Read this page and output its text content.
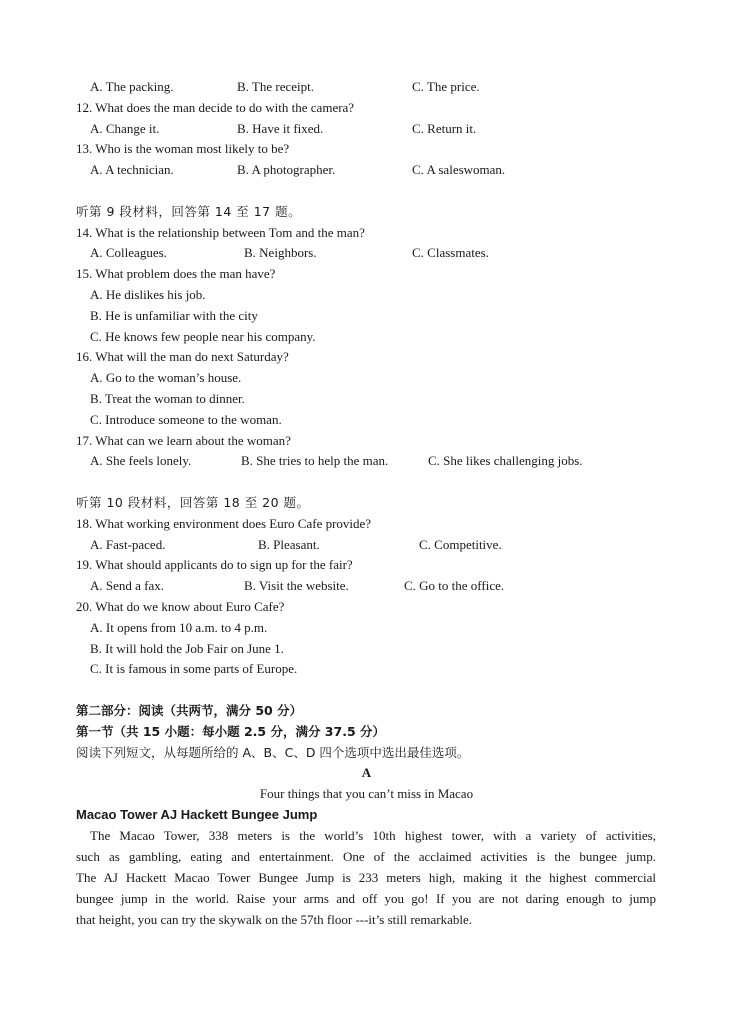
A. The packing.	B. The receipt.	C. The price.
12. What does the man decide to do with the camera?
A. Change it.	B. Have it fixed.	C. Return it.
13. Who is the woman most likely to be?
A. A technician.	B. A photographer.	C. A saleswoman.
听第 9 段材料，回答第 14 至 17 题。
14. What is the relationship between Tom and the man?
A. Colleagues.	B. Neighbors.	C. Classmates.
15. What problem does the man have?
A. He dislikes his job.
B. He is unfamiliar with the city
C. He knows few people near his company.
16. What will the man do next Saturday?
A. Go to the woman’s house.
B. Treat the woman to dinner.
C. Introduce someone to the woman.
17. What can we learn about the woman?
A. She feels lonely.	B. She tries to help the man.	C. She likes challenging jobs.
听第 10 段材料，回答第 18 至 20 题。
18. What working environment does Euro Cafe provide?
A. Fast-paced.	B. Pleasant.	C. Competitive.
19. What should applicants do to sign up for the fair?
A. Send a fax.	B. Visit the website.	C. Go to the office.
20. What do we know about Euro Cafe?
A. It opens from 10 a.m. to 4 p.m.
B. It will hold the Job Fair on June 1.
C. It is famous in some parts of Europe.
第二部分：阅读（共两节，满分 50 分）
第一节（共 15 小题：每小题 2.5 分，满分 37.5 分）
阅读下列短文，从每题所给的 A、B、C、D 四个选项中选出最佳选项。
A
Four things that you can’t miss in Macao
Macao Tower AJ Hackett Bungee Jump
The Macao Tower, 338 meters is the world’s 10th highest tower, with a variety of activities,
such as gambling, eating and entertainment. One of the acclaimed activities is the bungee jump.
The AJ Hackett Macao Tower Bungee Jump is 233 meters high, making it the highest commercial
bungee jump in the world. Raise your arms and off you go! If you are not daring enough to jump
that height, you can try the skywalk on the 57th floor ---it’s still remarkable.
